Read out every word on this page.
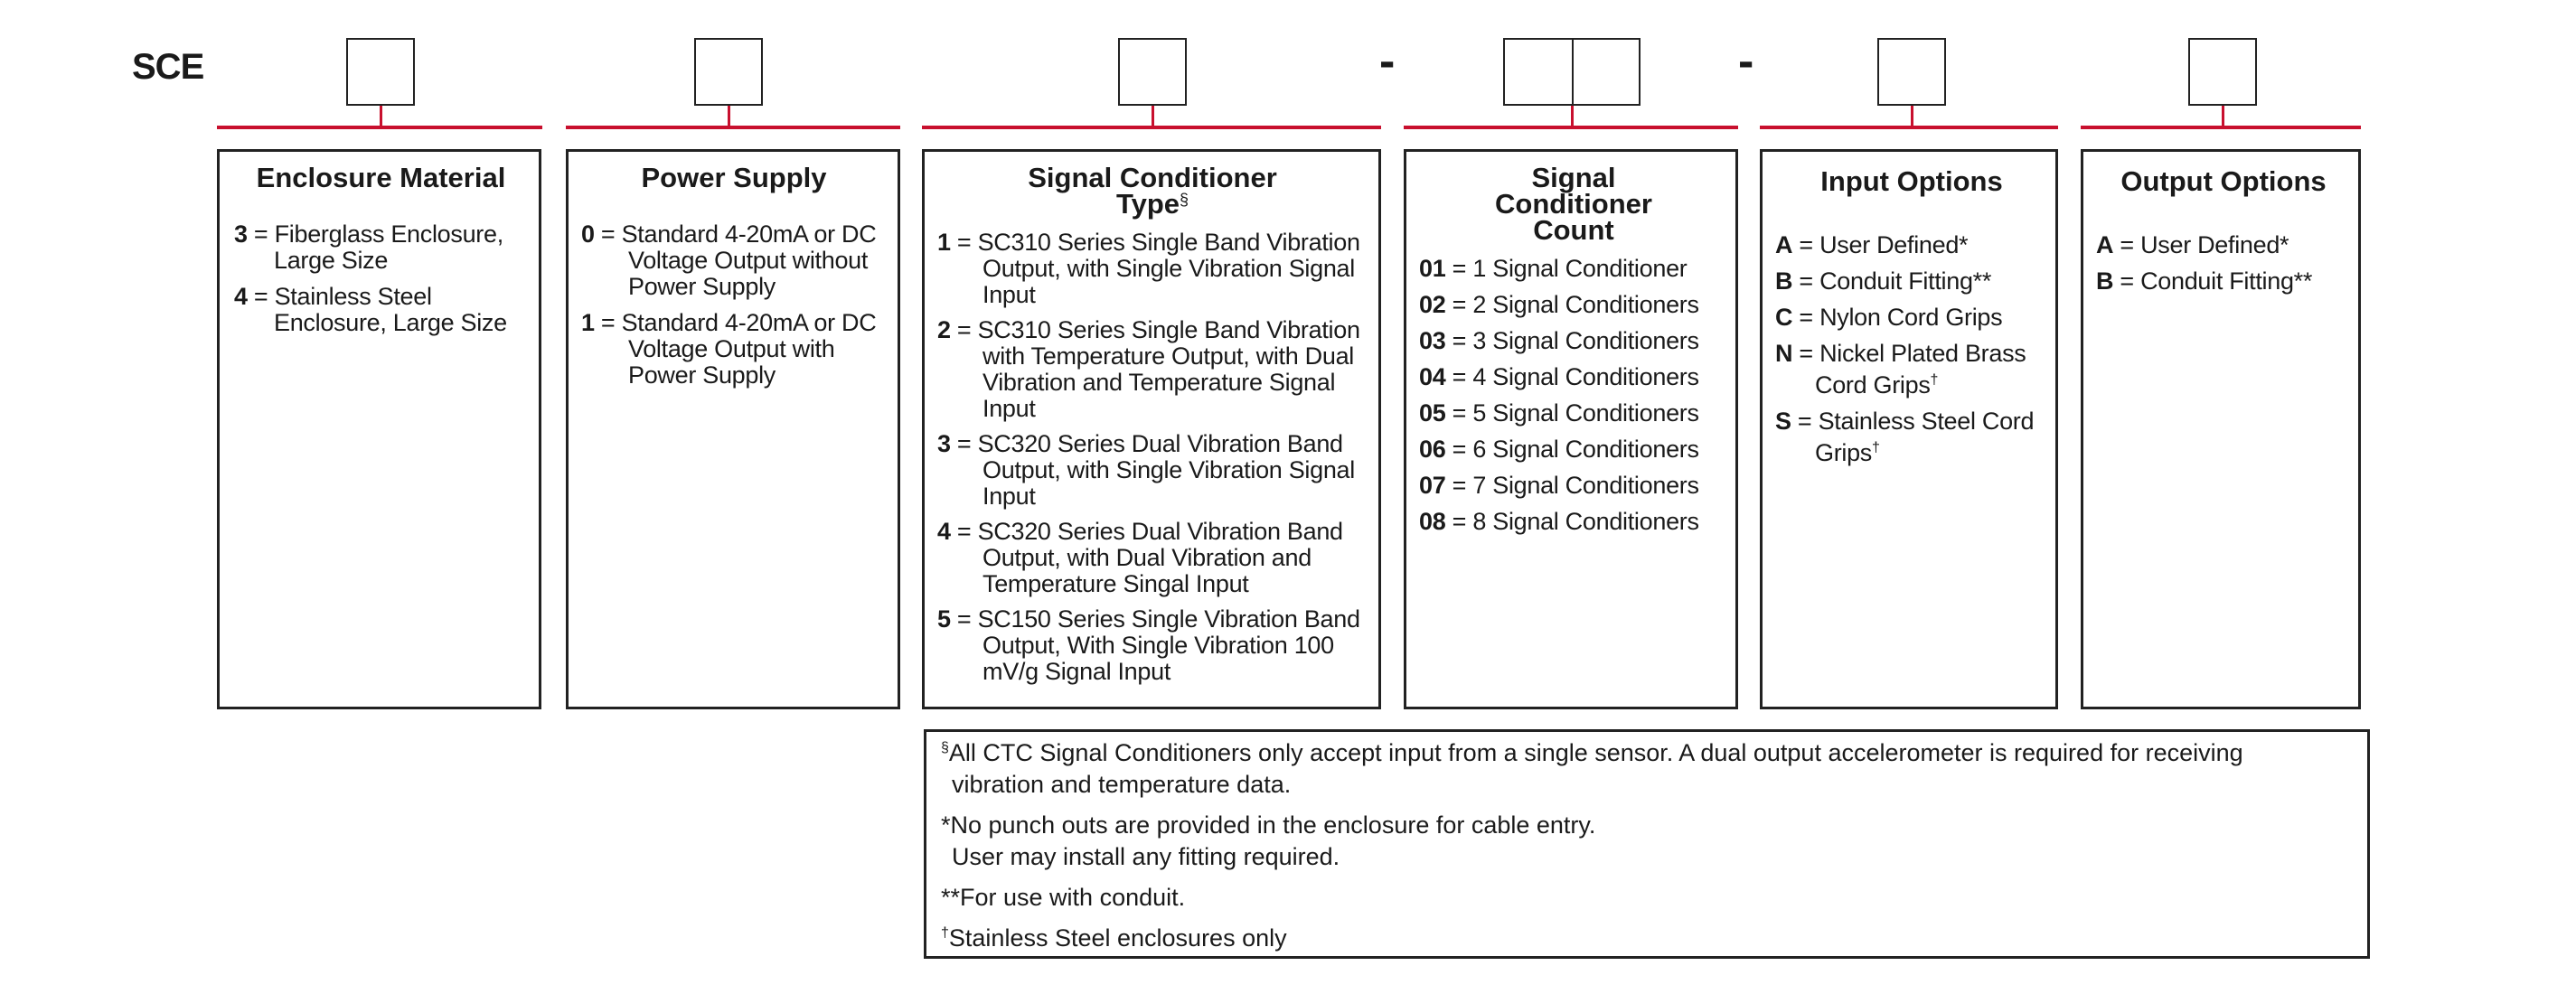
SCE	-	-
Enclosure Material
3 = Fiberglass Enclosure, Large Size
4 = Stainless Steel Enclosure, Large Size
Power Supply
0 = Standard 4-20mA or DC Voltage Output without Power Supply
1 = Standard 4-20mA or DC Voltage Output with Power Supply
Signal Conditioner Type§
1 = SC310 Series Single Band Vibration Output, with Single Vibration Signal Input
2 = SC310 Series Single Band Vibration with Temperature Output, with Dual Vibration and Temperature Signal Input
3 = SC320 Series Dual Vibration Band Output, with Single Vibration Signal Input
4 = SC320 Series Dual Vibration Band Output, with Dual Vibration and Temperature Singal Input
5 = SC150 Series Single Vibration Band Output, With Single Vibration 100 mV/g Signal Input
Signal Conditioner Count
01 = 1 Signal Conditioner
02 = 2 Signal Conditioners
03 = 3 Signal Conditioners
04 = 4 Signal Conditioners
05 = 5 Signal Conditioners
06 = 6 Signal Conditioners
07 = 7 Signal Conditioners
08 = 8 Signal Conditioners
Input Options
A = User Defined*
B = Conduit Fitting**
C = Nylon Cord Grips
N = Nickel Plated Brass Cord Grips†
S = Stainless Steel Cord Grips†
Output Options
A = User Defined*
B = Conduit Fitting**

§All CTC Signal Conditioners only accept input from a single sensor. A dual output accelerometer is required for receiving
vibration and temperature data.

*No punch outs are provided in the enclosure for cable entry.
User may install any fitting required.

**For use with conduit.

†Stainless Steel enclosures only
